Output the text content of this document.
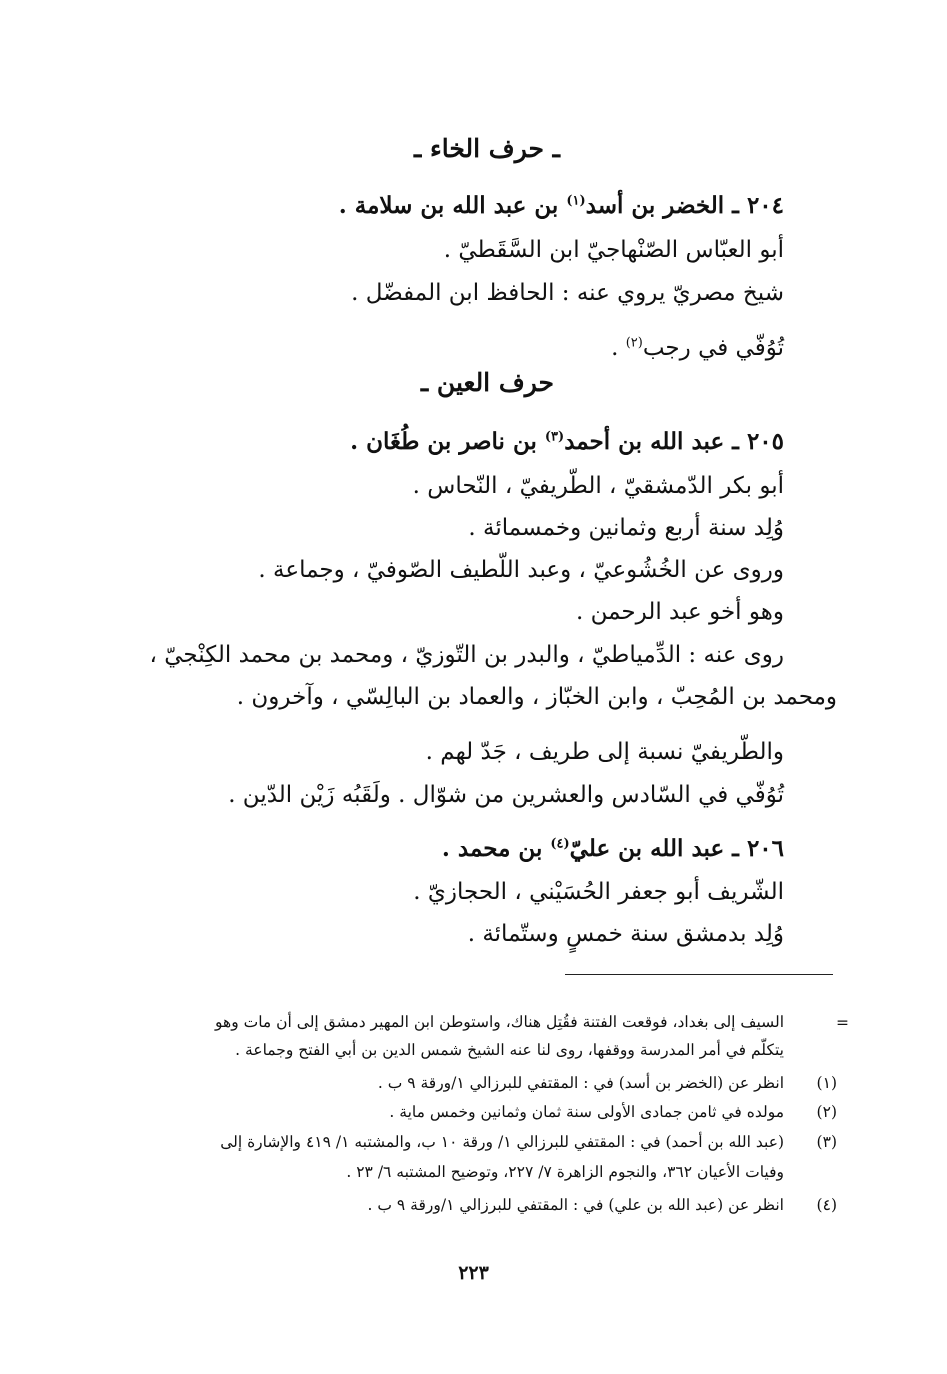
ـ حرف الخاء ـ
٢٠٤ ـ الخضر بن أسد$^{(١)}$ بن عبد الله بن سلامة .
أبو العبّاس الصّنْهاجيّ ابن السَّقَطيّ .
شيخ مصريّ يروي عنه : الحافظ ابن المفضّل .
تُوُفّي في رجب$^{(٢)}$ .
حرف العين ـ
٢٠٥ ـ عبد الله بن أحمد$^{(٣)}$ بن ناصر بن طُغَان .
أبو بكر الدّمشقيّ ، الطّريفيّ ، النّحاس .
وُلِد سنة أربع وثمانين وخمسمائة .
وروى عن الخُشُوعيّ ، وعبد اللّطيف الصّوفيّ ، وجماعة .
وهو أخو عبد الرحمن .
روى عنه : الدِّمياطيّ ، والبدر بن التّوزيّ ، ومحمد بن محمد الكِنْجيّ ،
ومحمد بن المُحِبّ ، وابن الخبّاز ، والعماد بن البالِسّي ، وآخرون .
والطّريفيّ نسبة إلى طريف ، جَدّ لهم .
تُوُفّي في السّادس والعشرين من شوّال . ولَقَبُه زَيْن الدّين .
٢٠٦ ـ عبد الله بن عليّ$^{(٤)}$ بن محمد .
الشّريف أبو جعفر الحُسَيْني ، الحجازيّ .
وُلِد بدمشق سنة خمسٍ وستّمائة .
=
السيف إلى بغداد، فوقعت الفتنة فقُتِل هناك، واستوطن ابن المهير دمشق إلى أن مات وهو
يتكلّم في أمر المدرسة ووقفها، روى لنا عنه الشيخ شمس الدين بن أبي الفتح وجماعة .
(١)
انظر عن (الخضر بن أسد) في : المقتفي للبرزالي ١/ورقة ٩ ب .
(٢)
مولده في ثامن جمادى الأولى سنة ثمان وثمانين وخمس ماية .
(٣)
(عبد الله بن أحمد) في : المقتفي للبرزالي ١/ ورقة ١٠ ب، والمشتبه ١/ ٤١٩ والإشارة إلى
وفيات الأعيان ٣٦٢، والنجوم الزاهرة ٧/ ٢٢٧، وتوضيح المشتبه ٦/ ٢٣ .
(٤)
انظر عن (عبد الله بن علي) في : المقتفي للبرزالي ١/ورقة ٩ ب .
٢٢٣
